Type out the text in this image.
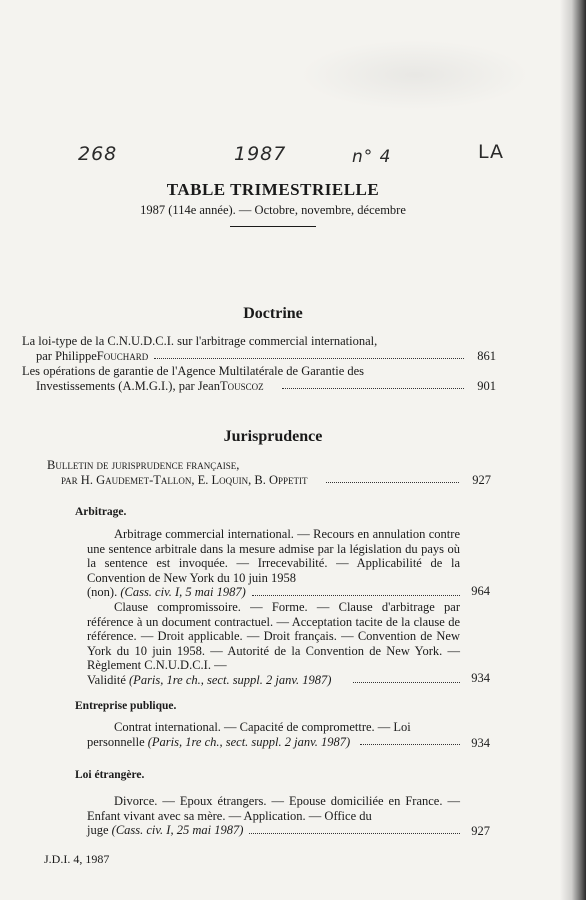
268	1987	n° 4	LA
TABLE TRIMESTRIELLE
1987 (114e année). — Octobre, novembre, décembre
Doctrine
La loi-type de la C.N.U.D.C.I. sur l'arbitrage commercial international,
par Philippe Fouchard	861
Les opérations de garantie de l'Agence Multilatérale de Garantie des
Investissements (A.M.G.I.), par Jean Touscoz	901
Jurisprudence
Bulletin de jurisprudence française,
par H. Gaudemet-Tallon, E. Loquin, B. Oppetit	927
Arbitrage.

Arbitrage commercial international. — Recours en annulation contre une sentence arbitrale dans la mesure admise par la législation du pays où la sentence est invoquée. — Irrecevabilité. — Applicabilité de la Convention de New York du 10 juin 1958

(non).
(Cass. civ. I, 5 mai 1987)	964

Clause compromissoire. — Forme. — Clause d'arbitrage par référence à un document contractuel. — Acceptation tacite de la clause de référence. — Droit applicable. — Droit français. — Convention de New York du 10 juin 1958. — Autorité de la Convention de New York. — Règlement C.N.U.D.C.I. —

Validité
(Paris, 1re ch., sect. suppl. 2 janv. 1987)	934
Entreprise publique.

Contrat international. — Capacité de compromettre. — Loi

personnelle
(Paris, 1re ch., sect. suppl. 2 janv. 1987)	934
Loi étrangère.

Divorce. — Epoux étrangers. — Epouse domiciliée en France. — Enfant vivant avec sa mère. — Application. — Office du

juge
(Cass. civ. I, 25 mai 1987)	927
J.D.I. 4, 1987
